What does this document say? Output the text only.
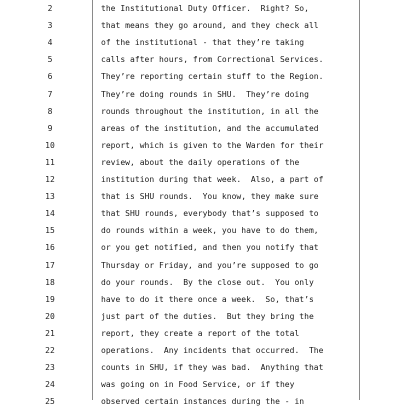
2	the Institutional Duty Officer.  Right? So,
3	that means they go around, and they check all
4	of the institutional - that they’re taking
5	calls after hours, from Correctional Services.
6	They’re reporting certain stuff to the Region.
7	They’re doing rounds in SHU.  They’re doing
8	rounds throughout the institution, in all the
9	areas of the institution, and the accumulated
10	report, which is given to the Warden for their
11	review, about the daily operations of the
12	institution during that week.  Also, a part of
13	that is SHU rounds.  You know, they make sure
14	that SHU rounds, everybody that’s supposed to
15	do rounds within a week, you have to do them,
16	or you get notified, and then you notify that
17	Thursday or Friday, and you’re supposed to go
18	do your rounds.  By the close out.  You only
19	have to do it there once a week.  So, that’s
20	just part of the duties.  But they bring the
21	report, they create a report of the total
22	operations.  Any incidents that occurred.  The
23	counts in SHU, if they was bad.  Anything that
24	was going on in Food Service, or if they
25	observed certain instances during the - in
